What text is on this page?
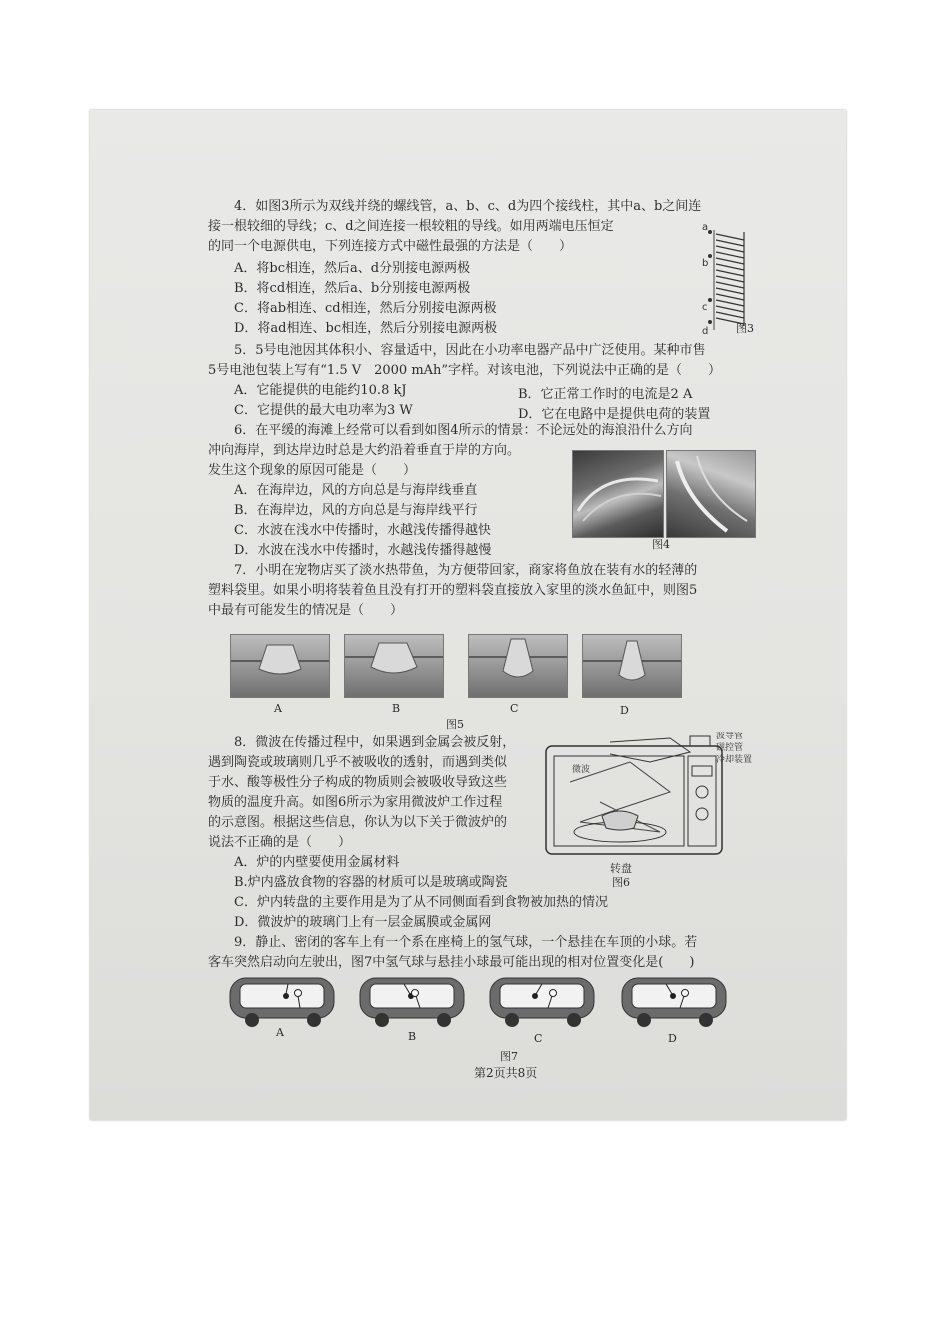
4．如图3所示为双线并绕的螺线管，a、b、c、d为四个接线柱，其中a、b之间连
接一根较细的导线；c、d之间连接一根较粗的导线。如用两端电压恒定
的同一个电源供电，下列连接方式中磁性最强的方法是（　　）
A．将bc相连，然后a、d分别接电源两极
B．将cd相连，然后a、b分别接电源两极
C．将ab相连、cd相连，然后分别接电源两极
D．将ad相连、bc相连，然后分别接电源两极
a
b
c
d	图3
5．5号电池因其体积小、容量适中，因此在小功率电器产品中广泛使用。某种市售
5号电池包装上写有“1.5 V　2000 mAh”字样。对该电池，下列说法中正确的是（　　）
A．它能提供的电能约10.8 kJ	B．它正常工作时的电流是2 A
C．它提供的最大电功率为3 W	D．它在电路中是提供电荷的装置
6．在平缓的海滩上经常可以看到如图4所示的情景：不论远处的海浪沿什么方向
冲向海岸，到达岸边时总是大约沿着垂直于岸的方向。
发生这个现象的原因可能是（　　）
A．在海岸边，风的方向总是与海岸线垂直
B．在海岸边，风的方向总是与海岸线平行
C．水波在浅水中传播时，水越浅传播得越快
D．水波在浅水中传播时，水越浅传播得越慢	图4
7．小明在宠物店买了淡水热带鱼，为方便带回家，商家将鱼放在装有水的轻薄的
塑料袋里。如果小明将装着鱼且没有打开的塑料袋直接放入家里的淡水鱼缸中，则图5
中最有可能发生的情况是（　　）
A	B	C	D
图5
8．微波在传播过程中，如果遇到金属会被反射，
遇到陶瓷或玻璃则几乎不被吸收的透射，而遇到类似
于水、酸等极性分子构成的物质则会被吸收导致这些
物质的温度升高。如图6所示为家用微波炉工作过程
的示意图。根据这些信息，你认为以下关于微波炉的
说法不正确的是（　　）
A．炉的内壁要使用金属材料
B.炉内盛放食物的容器的材质可以是玻璃或陶瓷
C．炉内转盘的主要作用是为了从不同侧面看到食物被加热的情况
D．微波炉的玻璃门上有一层金属膜或金属网
微波
波导管
磁控管
冷却装置
转盘
图6
9．静止、密闭的客车上有一个系在座椅上的氢气球，一个悬挂在车顶的小球。若
客车突然启动向左驶出，图7中氢气球与悬挂小球最可能出现的相对位置变化是(　　)
A	B	C	D
图7
第2页共8页
